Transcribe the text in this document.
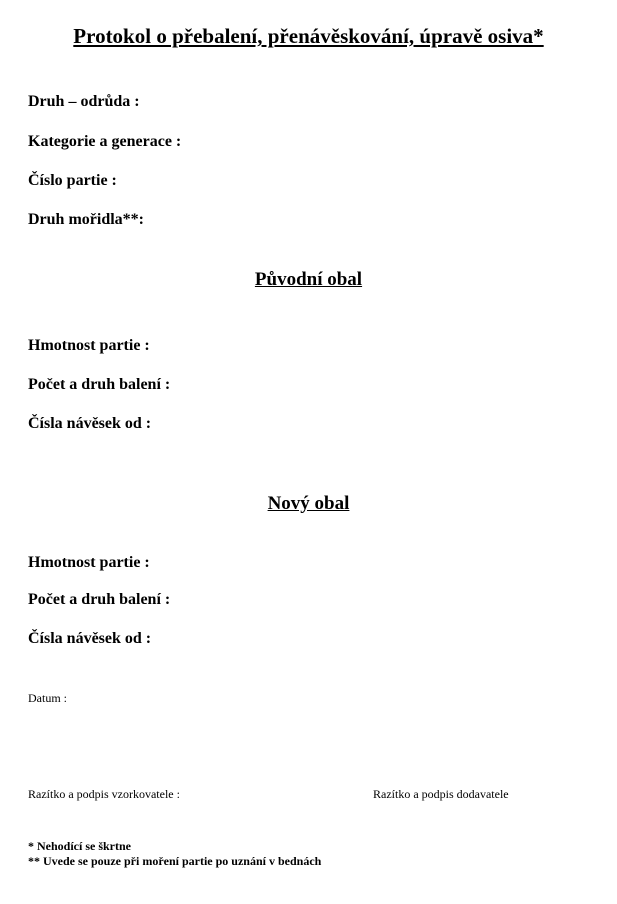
Protokol o přebalení, přenávěskování, úpravě osiva*
Druh – odrůda :
Kategorie a generace :
Číslo partie :
Druh mořidla**:
Původní obal
Hmotnost partie :
Počet a druh balení :
Čísla návěsek od :
Nový obal
Hmotnost partie :
Počet a druh balení :
Čísla návěsek od :
Datum :
Razítko a podpis vzorkovatele :	Razítko a podpis dodavatele
* Nehodící se škrtne
** Uvede se pouze při moření partie po uznání v bednách
